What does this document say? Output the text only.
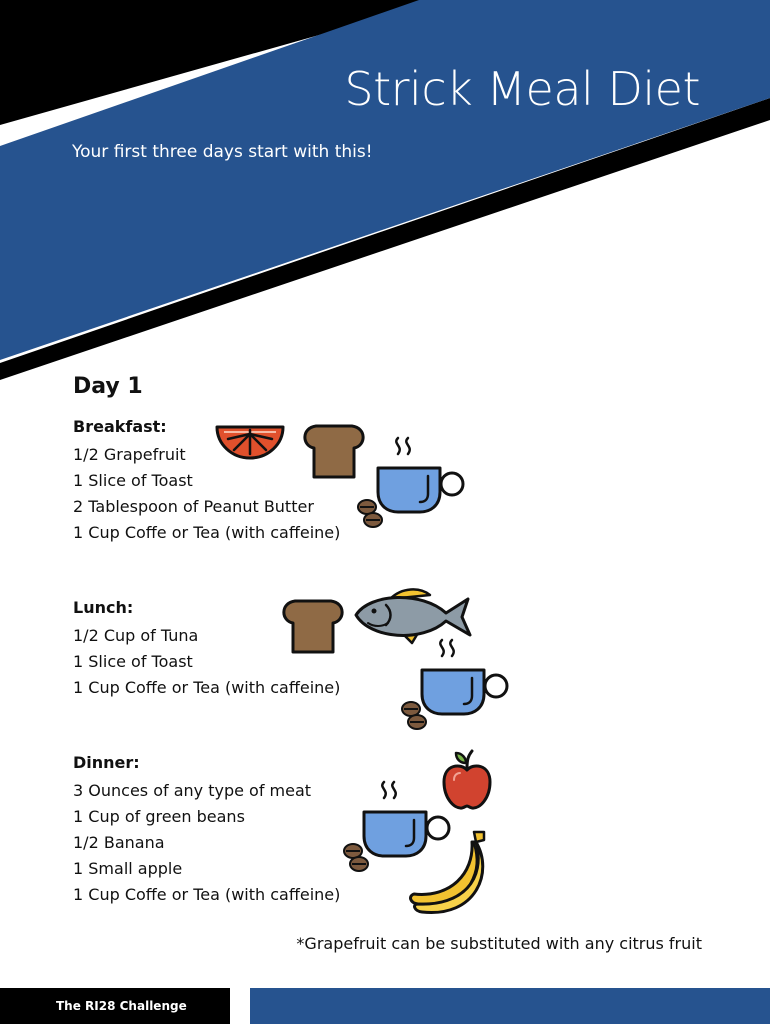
Strick Meal Diet

Your first three days start with this!

Day 1
Breakfast:
1/2 Grapefruit
1 Slice of Toast
2 Tablespoon of Peanut Butter
1 Cup Coffe or Tea (with caffeine)
Lunch:
1/2 Cup of Tuna
1 Slice of Toast
1 Cup Coffe or Tea (with caffeine)
Dinner:
3 Ounces of any type of meat
1 Cup of green beans
1/2 Banana
1 Small apple
1 Cup Coffe or Tea (with caffeine)

*Grapefruit can be substituted with any citrus fruit

The RI28 Challenge
